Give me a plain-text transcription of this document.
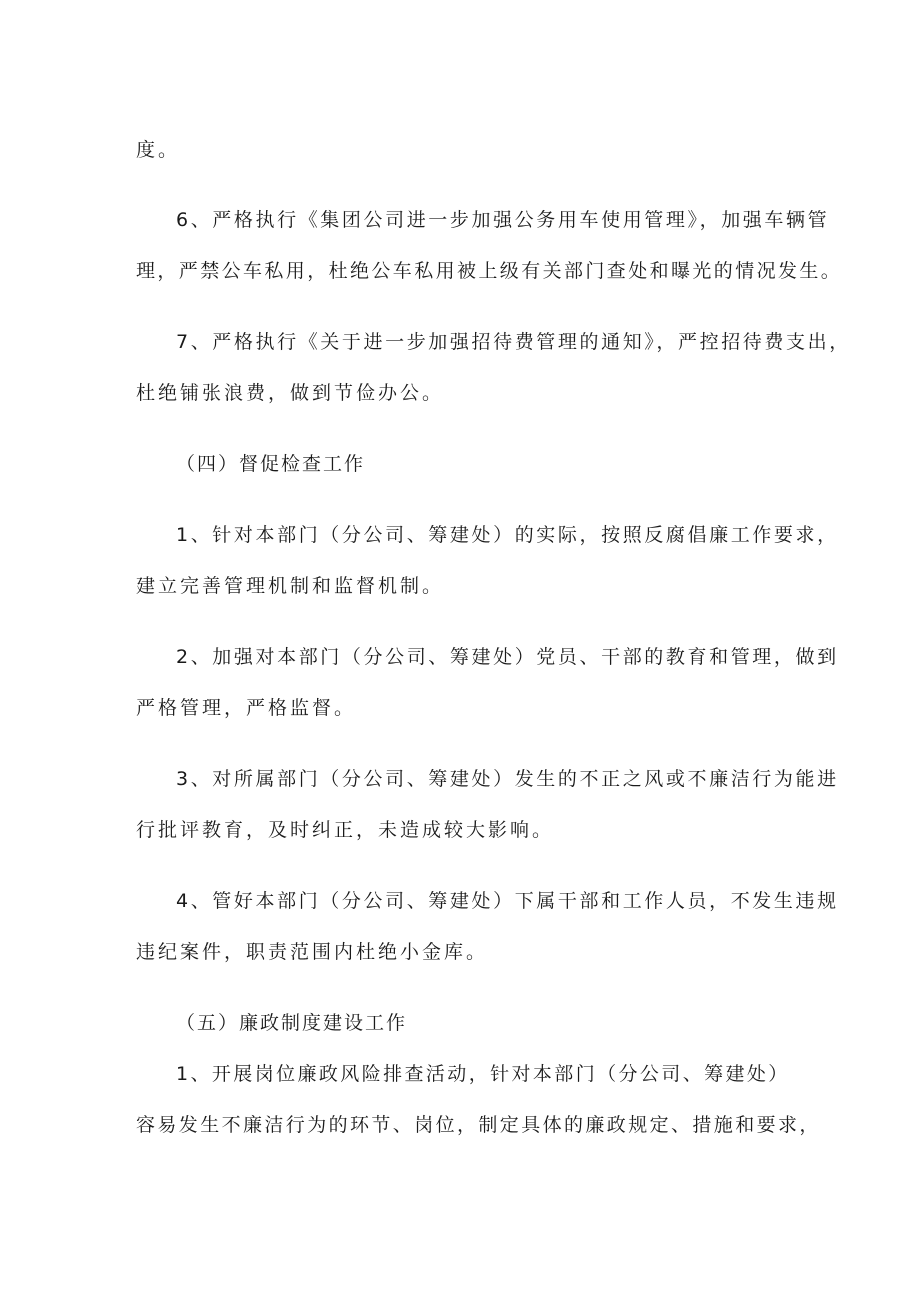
度。
6、严格执行《集团公司进一步加强公务用车使用管理》，加强车辆管
理，严禁公车私用，杜绝公车私用被上级有关部门查处和曝光的情况发生。
7、严格执行《关于进一步加强招待费管理的通知》，严控招待费支出，
杜绝铺张浪费，做到节俭办公。
（四）督促检查工作
1、针对本部门（分公司、筹建处）的实际，按照反腐倡廉工作要求，
建立完善管理机制和监督机制。
2、加强对本部门（分公司、筹建处）党员、干部的教育和管理，做到
严格管理，严格监督。
3、对所属部门（分公司、筹建处）发生的不正之风或不廉洁行为能进
行批评教育，及时纠正，未造成较大影响。
4、管好本部门（分公司、筹建处）下属干部和工作人员，不发生违规
违纪案件，职责范围内杜绝小金库。
（五）廉政制度建设工作
1、开展岗位廉政风险排查活动，针对本部门（分公司、筹建处）
容易发生不廉洁行为的环节、岗位，制定具体的廉政规定、措施和要求，
